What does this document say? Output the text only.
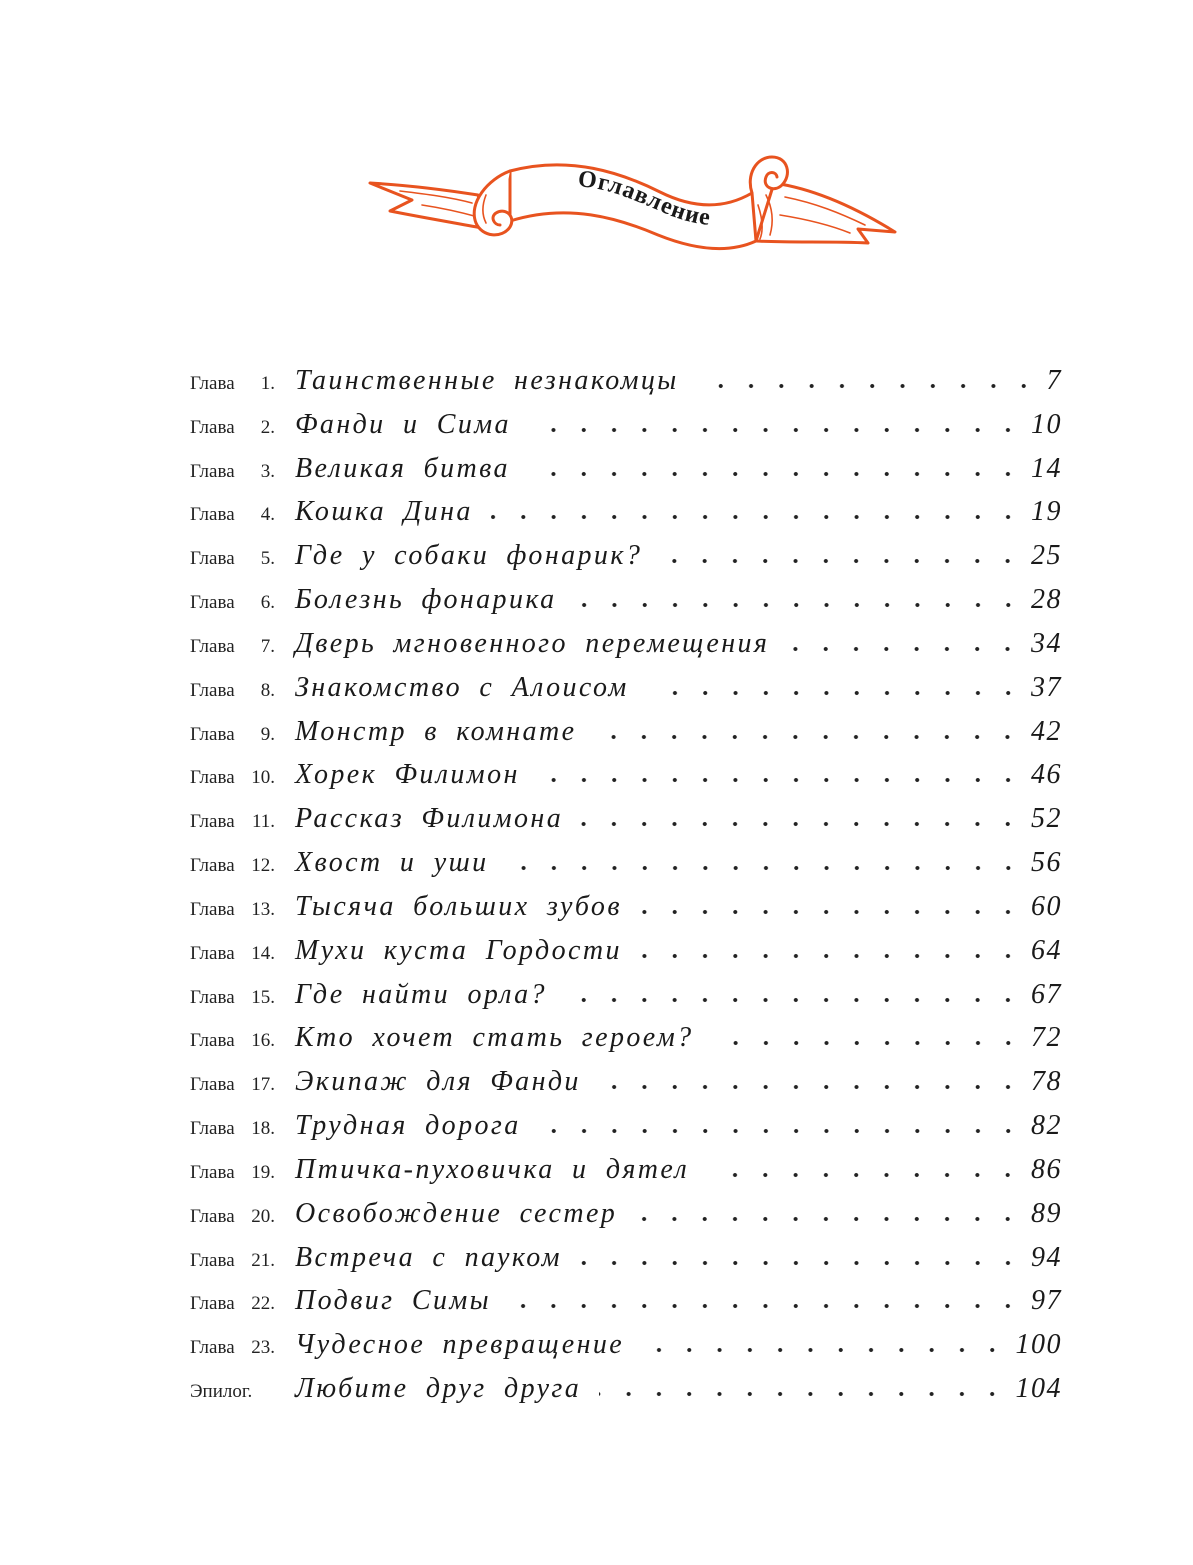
Оглавление
Глава 1. Таинственные незнакомцы	7
Глава 2. Фанди и Сима	10
Глава 3. Великая битва	14
Глава 4. Кошка Дина	19
Глава 5. Где у собаки фонарик?	25
Глава 6. Болезнь фонарика	28
Глава 7. Дверь мгновенного перемещения	34
Глава 8. Знакомство с Алоисом	37
Глава 9. Монстр в комнате	42
Глава 10. Хорек Филимон	46
Глава 11. Рассказ Филимона	52
Глава 12. Хвост и уши	56
Глава 13. Тысяча больших зубов	60
Глава 14. Мухи куста Гордости	64
Глава 15. Где найти орла?	67
Глава 16. Кто хочет стать героем?	72
Глава 17. Экипаж для Фанди	78
Глава 18. Трудная дорога	82
Глава 19. Птичка-пуховичка и дятел	86
Глава 20. Освобождение сестер	89
Глава 21. Встреча с пауком	94
Глава 22. Подвиг Симы	97
Глава 23. Чудесное превращение	100
Эпилог. Любите друг друга	104
